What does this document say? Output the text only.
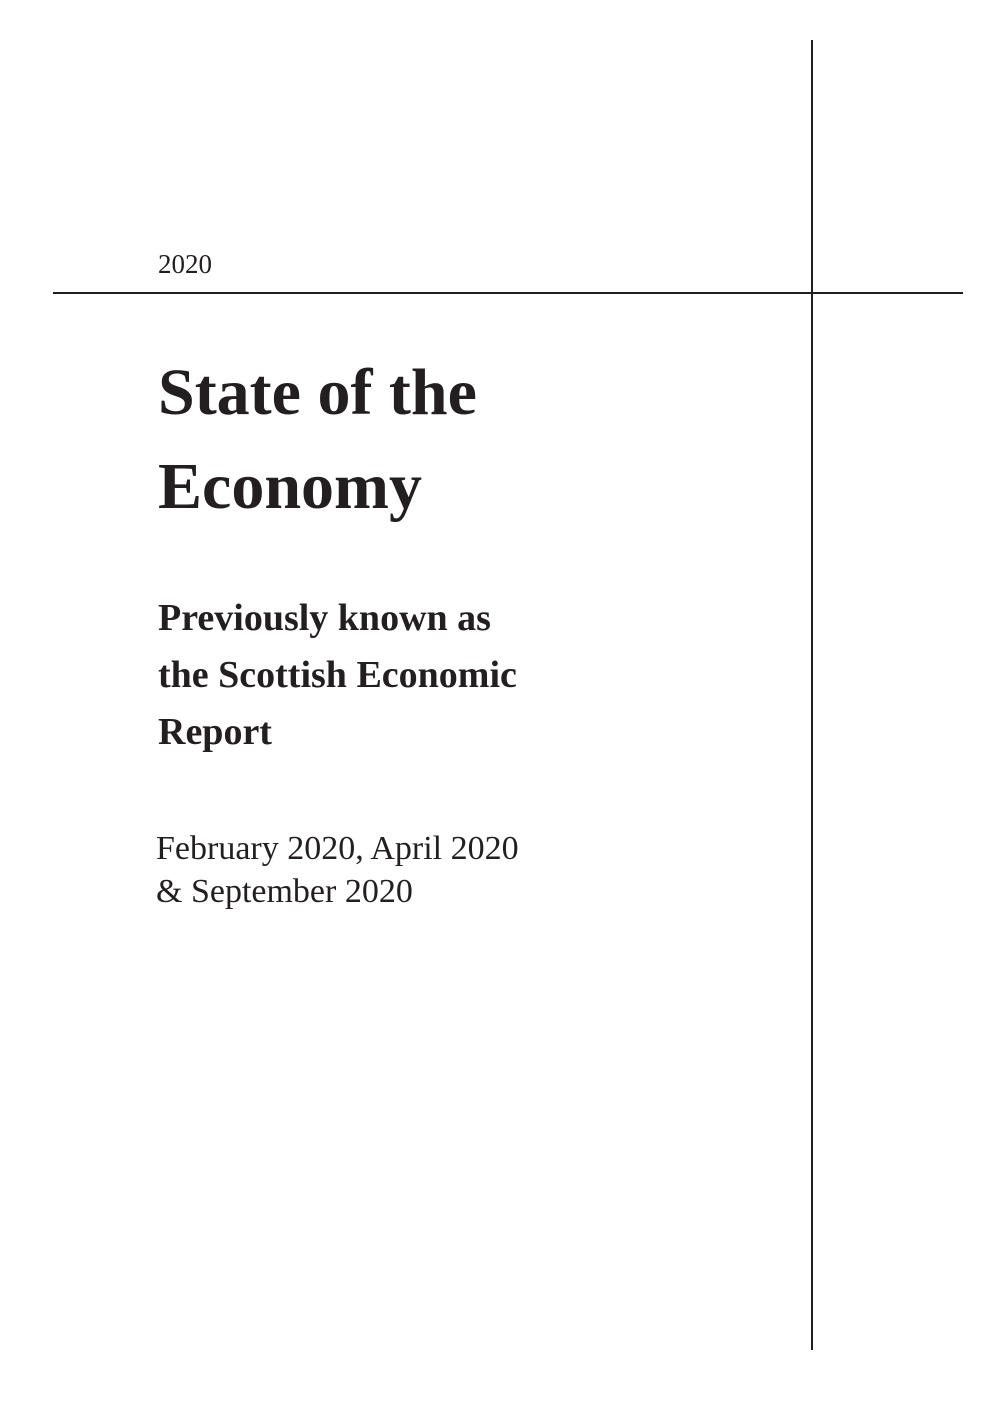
2020
State of the
Economy
Previously known as
the Scottish Economic
Report

February 2020, April 2020
& September 2020
